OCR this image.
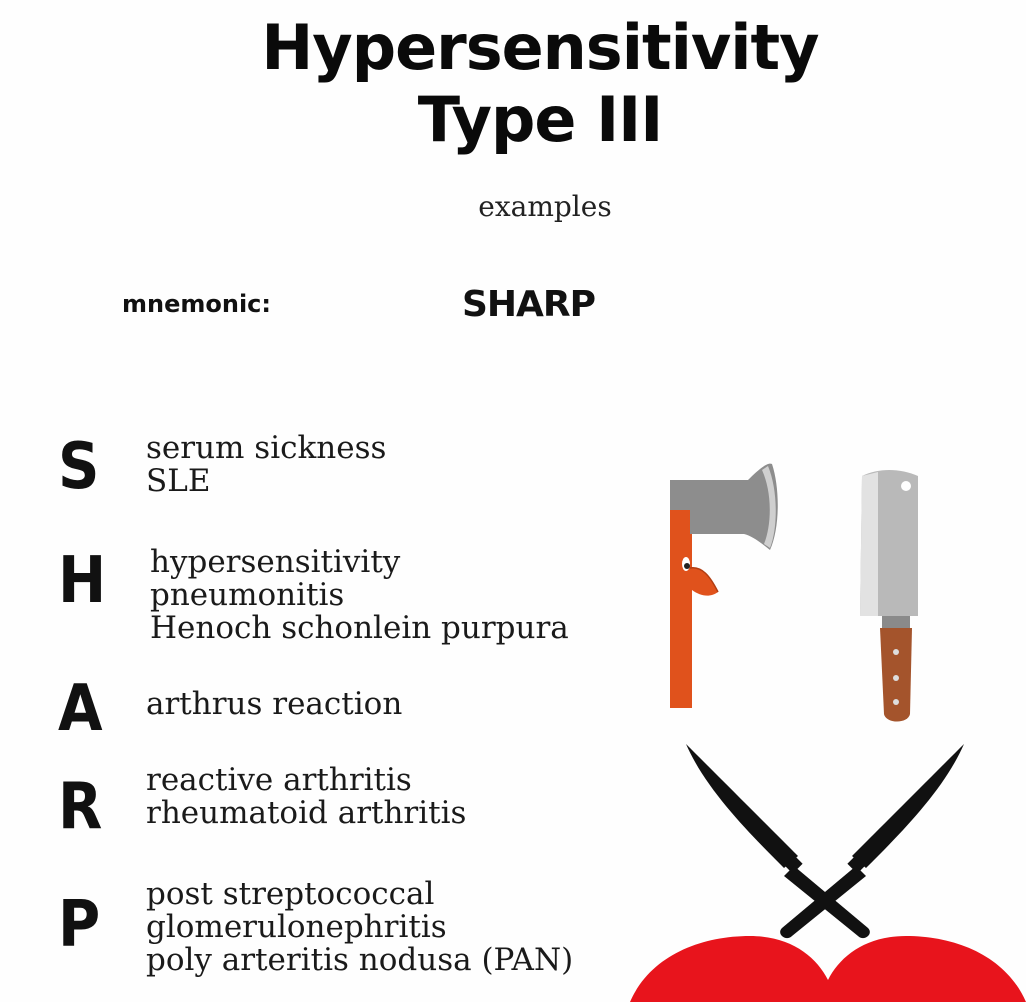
Hypersensitivity
Type III
examples
mnemonic:	SHARP
S	serum sickness
SLE
H	hypersensitivity
pneumonitis
Henoch schonlein purpura
A	arthrus reaction
R	reactive arthritis
rheumatoid arthritis
P	post streptococcal
glomerulonephritis
poly arteritis nodusa (PAN)
